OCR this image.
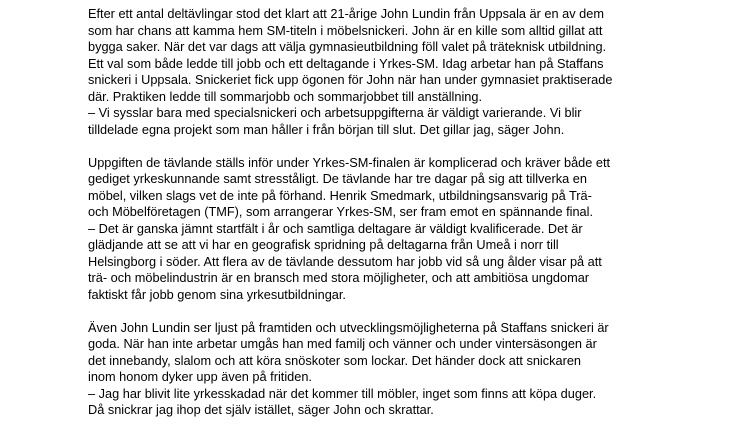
Efter ett antal deltävlingar stod det klart att 21-årige John Lundin från Uppsala är en av dem
som har chans att kamma hem SM-titeln i möbelsnickeri. John är en kille som alltid gillat att
bygga saker. När det var dags att välja gymnasieutbildning föll valet på träteknisk utbildning.
Ett val som både ledde till jobb och ett deltagande i Yrkes-SM. Idag arbetar han på Staffans
snickeri i Uppsala. Snickeriet fick upp ögonen för John när han under gymnasiet praktiserade
där. Praktiken ledde till sommarjobb och sommarjobbet till anställning.
– Vi sysslar bara med specialsnickeri och arbetsuppgifterna är väldigt varierande. Vi blir
tilldelade egna projekt som man håller i från början till slut. Det gillar jag, säger John.

Uppgiften de tävlande ställs inför under Yrkes-SM-finalen är komplicerad och kräver både ett
gediget yrkeskunnande samt stresståligt. De tävlande har tre dagar på sig att tillverka en
möbel, vilken slags vet de inte på förhand. Henrik Smedmark, utbildningsansvarig på Trä-
och Möbelföretagen (TMF), som arrangerar Yrkes-SM, ser fram emot en spännande final.
– Det är ganska jämnt startfält i år och samtliga deltagare är väldigt kvalificerade. Det är
glädjande att se att vi har en geografisk spridning på deltagarna från Umeå i norr till
Helsingborg i söder. Att flera av de tävlande dessutom har jobb vid så ung ålder visar på att
trä- och möbelindustrin är en bransch med stora möjligheter, och att ambitiösa ungdomar
faktiskt får jobb genom sina yrkesutbildningar.

Även John Lundin ser ljust på framtiden och utvecklingsmöjligheterna på Staffans snickeri är
goda. När han inte arbetar umgås han med familj och vänner och under vintersäsongen är
det innebandy, slalom och att köra snöskoter som lockar. Det händer dock att snickaren
inom honom dyker upp även på fritiden.
– Jag har blivit lite yrkesskadad när det kommer till möbler, inget som finns att köpa duger.
Då snickrar jag ihop det själv istället, säger John och skrattar.
